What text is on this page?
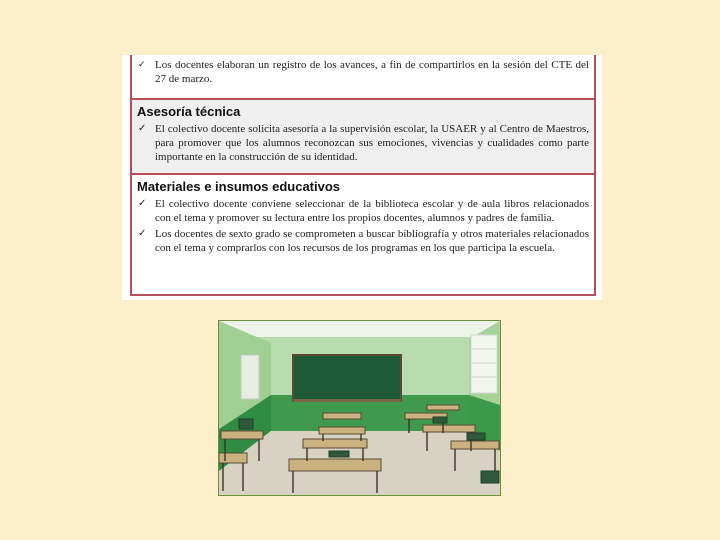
✓ Los docentes elaboran un registro de los avances, a fin de compartirlos en la sesión del CTE del 27 de marzo.
Asesoría técnica
✓ El colectivo docente solicita asesoría a la supervisión escolar, la USAER y al Centro de Maestros, para promover que los alumnos reconozcan sus emociones, vivencias y cualidades como parte importante en la construcción de su identidad.
Materiales e insumos educativos
✓ El colectivo docente conviene seleccionar de la biblioteca escolar y de aula libros relacionados con el tema y promover su lectura entre los propios docentes, alumnos y padres de familia.
✓ Los docentes de sexto grado se comprometen a buscar bibliografía y otros materiales relacionados con el tema y comprarlos con los recursos de los programas en los que participa la escuela.
